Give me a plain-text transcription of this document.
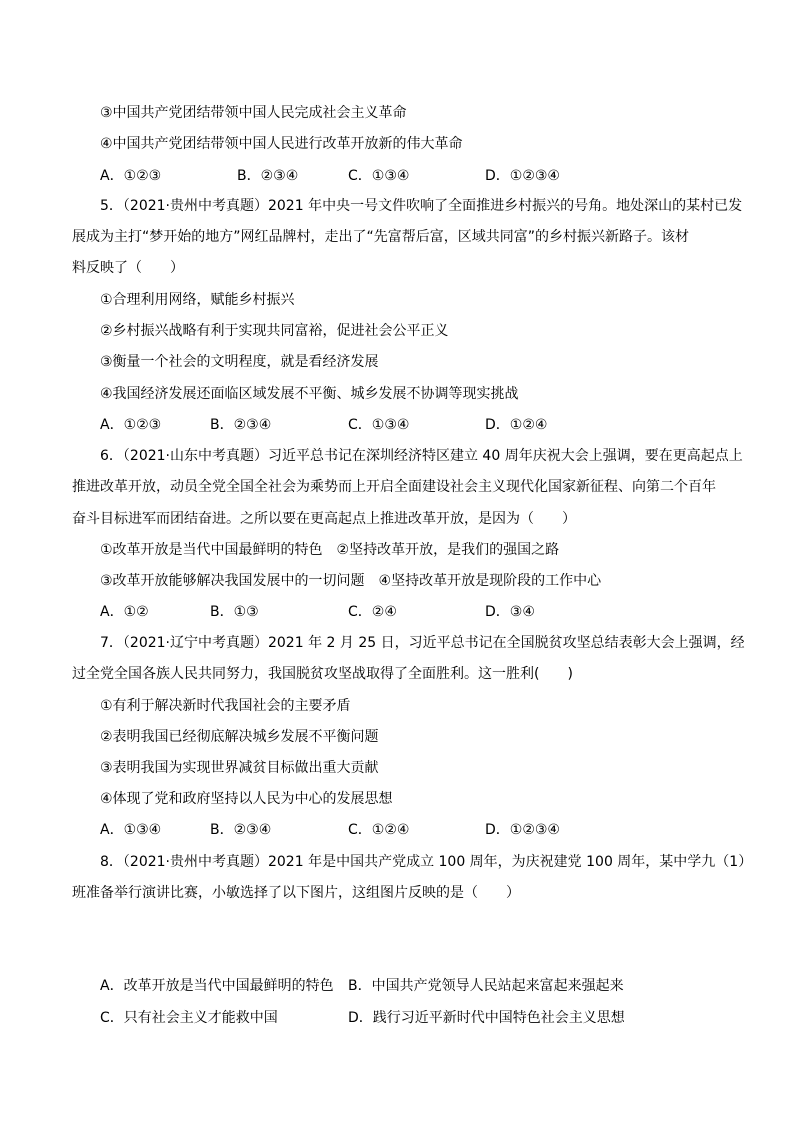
③中国共产党团结带领中国人民完成社会主义革命
④中国共产党团结带领中国人民进行改革开放新的伟大革命
A．①②③	B．②③④	C．①③④	D．①②③④
5．（2021·贵州中考真题）2021 年中央一号文件吹响了全面推进乡村振兴的号角。地处深山的某村已发
展成为主打“梦开始的地方”网红品牌村，走出了“先富帮后富，区域共同富”的乡村振兴新路子。该材
料反映了（　　）
①合理利用网络，赋能乡村振兴
②乡村振兴战略有利于实现共同富裕，促进社会公平正义
③衡量一个社会的文明程度，就是看经济发展
④我国经济发展还面临区域发展不平衡、城乡发展不协调等现实挑战
A．①②③	B．②③④	C．①③④	D．①②④
6．（2021·山东中考真题）习近平总书记在深圳经济特区建立 40 周年庆祝大会上强调，要在更高起点上
推进改革开放，动员全党全国全社会为乘势而上开启全面建设社会主义现代化国家新征程、向第二个百年
奋斗目标进军而团结奋进。之所以要在更高起点上推进改革开放，是因为（　　）
①改革开放是当代中国最鲜明的特色　②坚持改革开放，是我们的强国之路
③改革开放能够解决我国发展中的一切问题　④坚持改革开放是现阶段的工作中心
A．①②	B．①③	C．②④	D．③④
7．（2021·辽宁中考真题）2021 年 2 月 25 日，习近平总书记在全国脱贫攻坚总结表彰大会上强调，经
过全党全国各族人民共同努力，我国脱贫攻坚战取得了全面胜利。这一胜利(　　)
①有利于解决新时代我国社会的主要矛盾
②表明我国已经彻底解决城乡发展不平衡问题
③表明我国为实现世界减贫目标做出重大贡献
④体现了党和政府坚持以人民为中心的发展思想
A．①③④	B．②③④	C．①②④	D．①②③④
8．（2021·贵州中考真题）2021 年是中国共产党成立 100 周年，为庆祝建党 100 周年，某中学九（1）
班准备举行演讲比赛，小敏选择了以下图片，这组图片反映的是（　　）
A．改革开放是当代中国最鲜明的特色 B．中国共产党领导人民站起来富起来强起来
C．只有社会主义才能救中国	D．践行习近平新时代中国特色社会主义思想
